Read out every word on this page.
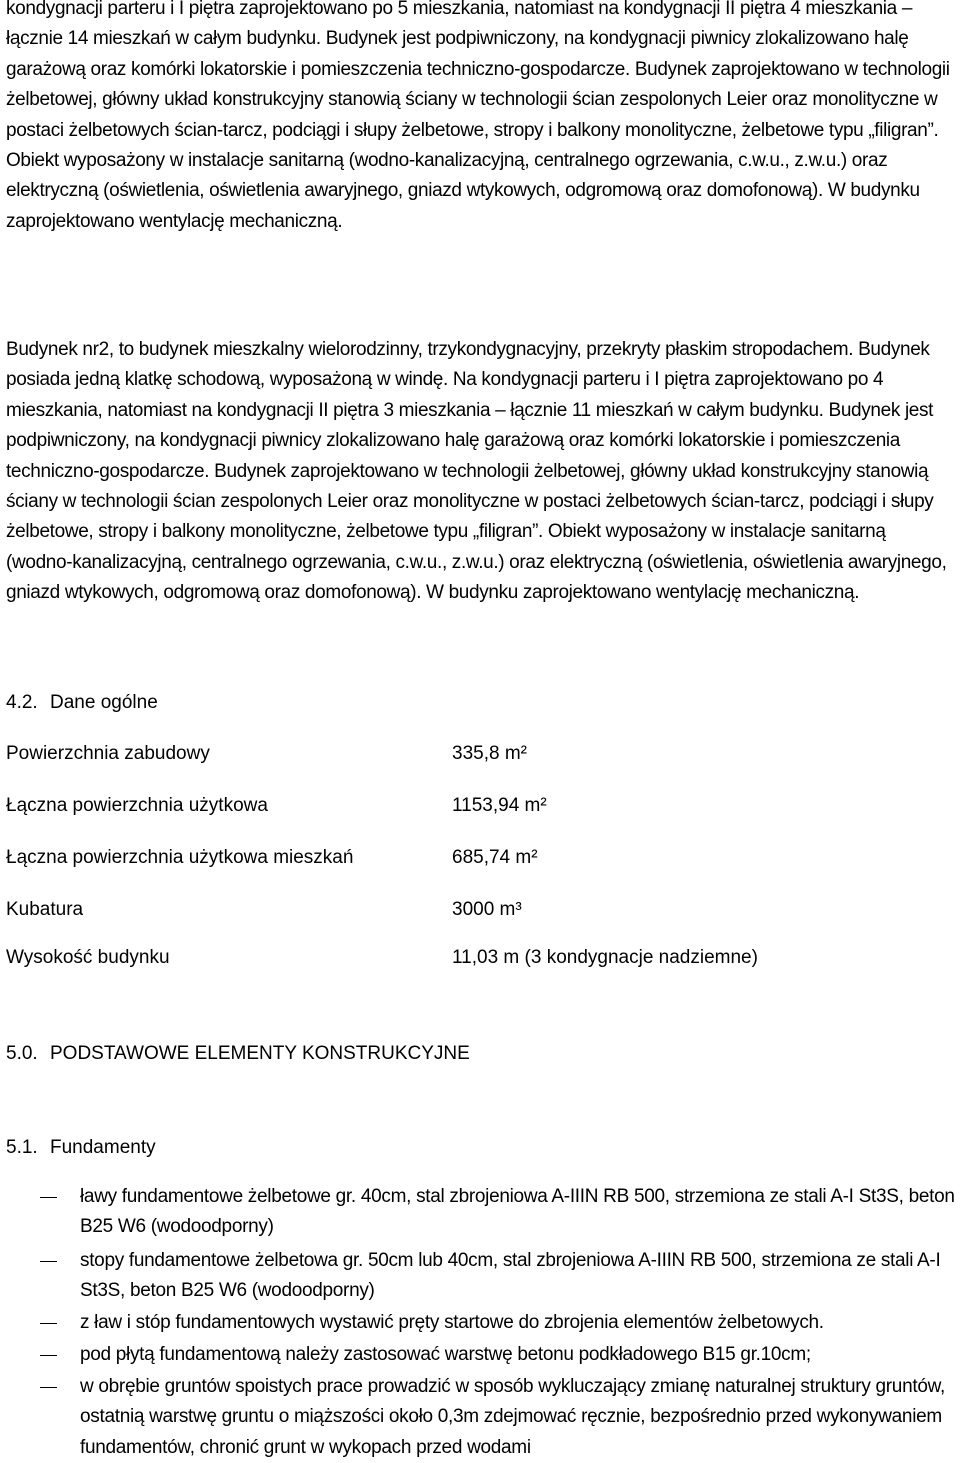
kondygnacji parteru i I piętra zaprojektowano po 5 mieszkania, natomiast na kondygnacji II piętra 4 mieszkania – łącznie 14 mieszkań w całym budynku. Budynek jest podpiwniczony, na kondygnacji piwnicy zlokalizowano halę garażową oraz komórki lokatorskie i pomieszczenia techniczno-gospodarcze. Budynek zaprojektowano w technologii żelbetowej, główny układ konstrukcyjny stanowią ściany w technologii ścian zespolonych Leier oraz monolityczne w postaci żelbetowych ścian-tarcz, podciągi i słupy żelbetowe, stropy i balkony monolityczne, żelbetowe typu „filigran”. Obiekt wyposażony w instalacje sanitarną (wodno-kanalizacyjną, centralnego ogrzewania, c.w.u., z.w.u.) oraz elektryczną (oświetlenia, oświetlenia awaryjnego, gniazd wtykowych, odgromową oraz domofonową). W budynku zaprojektowano wentylację mechaniczną.

Budynek nr2, to budynek mieszkalny wielorodzinny, trzykondygnacyjny, przekryty płaskim stropodachem. Budynek posiada jedną klatkę schodową, wyposażoną w windę. Na kondygnacji parteru i I piętra zaprojektowano po 4 mieszkania, natomiast na kondygnacji II piętra 3 mieszkania – łącznie 11 mieszkań w całym budynku. Budynek jest podpiwniczony, na kondygnacji piwnicy zlokalizowano halę garażową oraz komórki lokatorskie i pomieszczenia techniczno-gospodarcze. Budynek zaprojektowano w technologii żelbetowej, główny układ konstrukcyjny stanowią ściany w technologii ścian zespolonych Leier oraz monolityczne w postaci żelbetowych ścian-tarcz, podciągi i słupy żelbetowe, stropy i balkony monolityczne, żelbetowe typu „filigran”. Obiekt wyposażony w instalacje sanitarną (wodno-kanalizacyjną, centralnego ogrzewania, c.w.u., z.w.u.) oraz elektryczną (oświetlenia, oświetlenia awaryjnego, gniazd wtykowych, odgromową oraz domofonową). W budynku zaprojektowano wentylację mechaniczną.

4.2. Dane ogólne
Powierzchnia zabudowy	335,8 m²
Łączna powierzchnia użytkowa	1153,94 m²
Łączna powierzchnia użytkowa mieszkań	685,74 m²
Kubatura	3000 m³
Wysokość budynku	11,03 m (3 kondygnacje nadziemne)
5.0. PODSTAWOWE ELEMENTY KONSTRUKCYJNE
5.1. Fundamenty
ławy fundamentowe żelbetowe gr. 40cm, stal zbrojeniowa A-IIIN RB 500, strzemiona ze stali A-I St3S, beton B25 W6 (wodoodporny)
stopy fundamentowe żelbetowa gr. 50cm lub 40cm, stal zbrojeniowa A-IIIN RB 500, strzemiona ze stali A-I St3S, beton B25 W6 (wodoodporny)
z ław i stóp fundamentowych wystawić pręty startowe do zbrojenia elementów żelbetowych.
pod płytą fundamentową należy zastosować warstwę betonu podkładowego B15 gr.10cm;
w obrębie gruntów spoistych prace prowadzić w sposób wykluczający zmianę naturalnej struktury gruntów, ostatnią warstwę gruntu o miąższości około 0,3m zdejmować ręcznie, bezpośrednio przed wykonywaniem fundamentów, chronić grunt w wykopach przed wodami
